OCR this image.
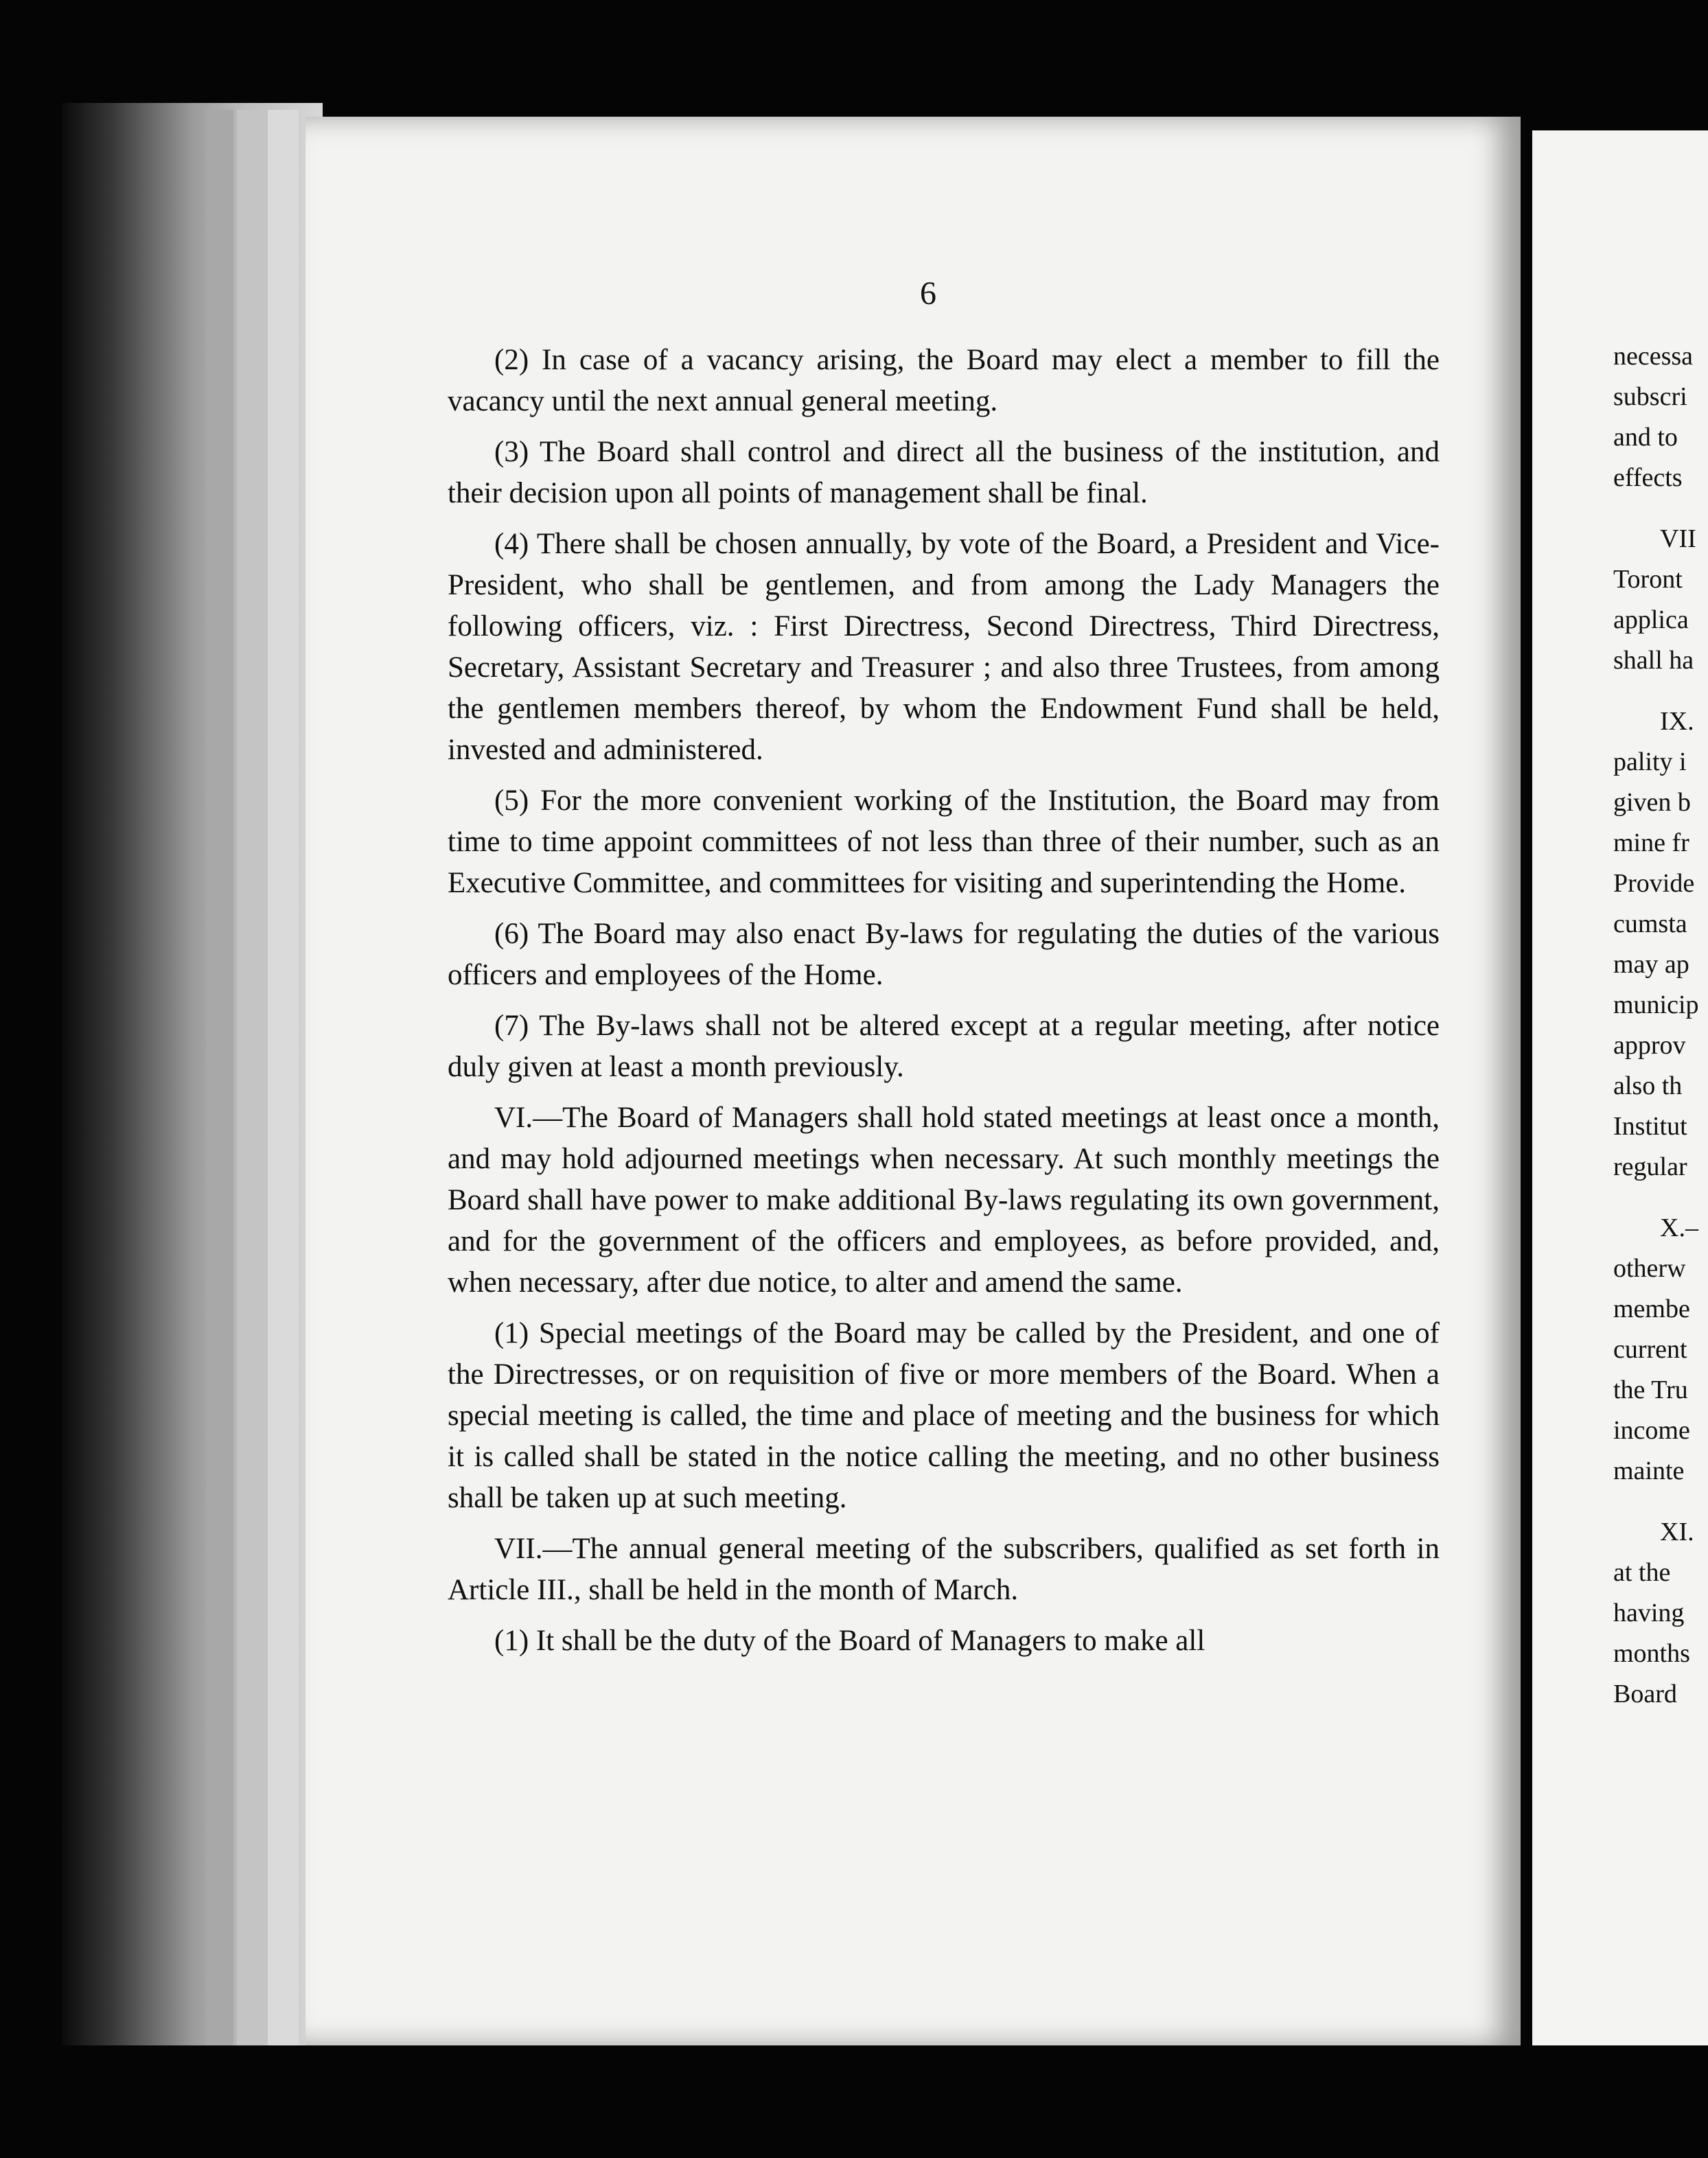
6

(2) In case of a vacancy arising, the Board may elect a member to fill the vacancy until the next annual general meeting.

(3) The Board shall control and direct all the business of the institution, and their decision upon all points of management shall be final.

(4) There shall be chosen annually, by vote of the Board, a President and Vice-President, who shall be gentlemen, and from among the Lady Managers the following officers, viz. : First Directress, Second Directress, Third Directress, Secretary, Assistant Secretary and Treasurer ; and also three Trustees, from among the gentlemen members thereof, by whom the Endowment Fund shall be held, invested and administered.

(5) For the more convenient working of the Institution, the Board may from time to time appoint committees of not less than three of their number, such as an Executive Committee, and committees for visiting and superintending the Home.

(6) The Board may also enact By-laws for regulating the duties of the various officers and employees of the Home.

(7) The By-laws shall not be altered except at a regular meeting, after notice duly given at least a month previously.

VI.—The Board of Managers shall hold stated meetings at least once a month, and may hold adjourned meetings when necessary. At such monthly meetings the Board shall have power to make additional By-laws regulating its own government, and for the government of the officers and employees, as before provided, and, when necessary, after due notice, to alter and amend the same.

(1) Special meetings of the Board may be called by the President, and one of the Directresses, or on requisition of five or more members of the Board. When a special meeting is called, the time and place of meeting and the business for which it is called shall be stated in the notice calling the meeting, and no other business shall be taken up at such meeting.

VII.—The annual general meeting of the subscribers, qualified as set forth in Article III., shall be held in the month of March.

(1) It shall be the duty of the Board of Managers to make all

necessa
subscri
and to
effects
VII
Toront
applica
shall ha
IX.
pality i
given b
mine fr
Provide
cumsta
may ap
municip
approv
also th
Institut
regular
X.–
otherw
membe
current
the Tru
income
mainte
XI.
at the
having
months
Board
